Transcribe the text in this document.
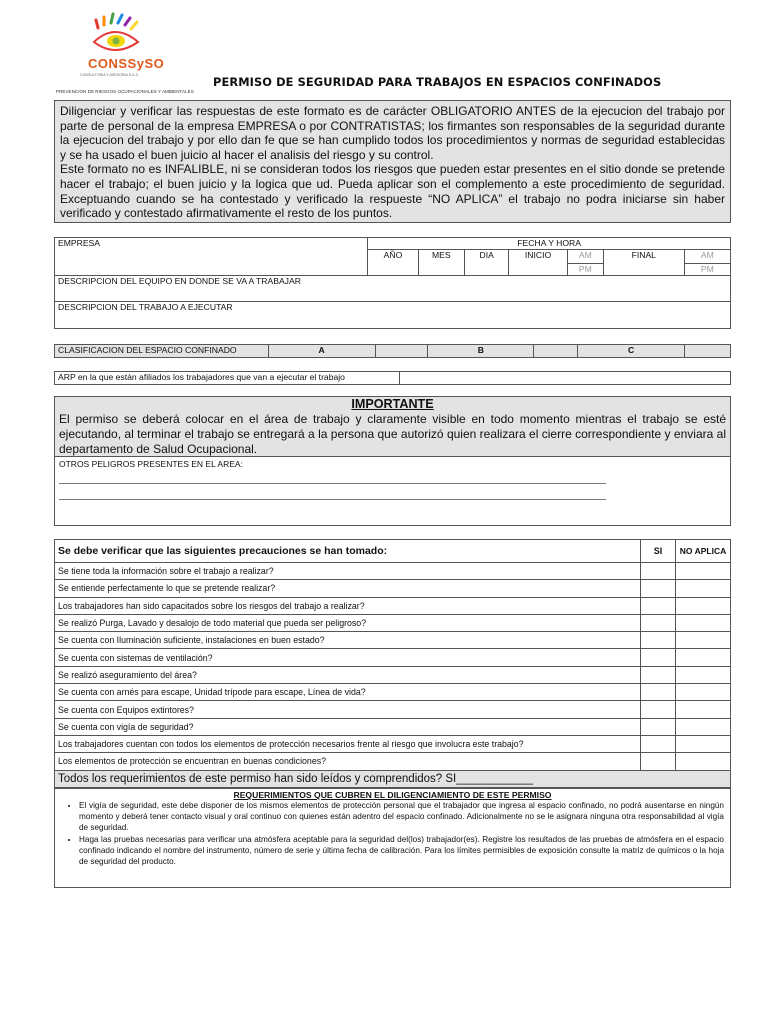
CONSSySO
CONSULTORIA Y ASESORIA S.A.S.
PREVENCION DE RIESGOS OCUPACIONALES Y AMBIENTALES
PERMISO DE SEGURIDAD PARA TRABAJOS EN ESPACIOS CONFINADOS

Diligenciar y verificar las respuestas de este formato es de carácter OBLIGATORIO ANTES de la ejecucion del trabajo por parte de personal de la empresa EMPRESA o por CONTRATISTAS; los firmantes son responsables de la seguridad durante la ejecucion del trabajo y por ello dan fe que se han cumplido todos los procedimientos y normas de seguridad establecidas y se ha usado el buen juicio al hacer el analisis del riesgo y su control.

Este formato no es INFALIBLE, ni se consideran todos los riesgos que pueden estar presentes en el sitio donde se pretende hacer el trabajo; el buen juicio y la logica que ud. Pueda aplicar son el complemento a este procedimiento de seguridad. Exceptuando cuando se ha contestado y verificado la respueste “NO APLICA” el trabajo no podra iniciarse sin haber verificado y contestado afirmativamente el resto de los puntos.

EMPRESA	FECHA Y HORA						
	AÑO	MES	DIA	INICIO	AM	FINAL	AM
					PM		PM
DESCRIPCION DEL EQUIPO EN DONDE SE VA A TRABAJAR							
DESCRIPCION DEL TRABAJO A EJECUTAR							
CLASIFICACION DEL ESPACIO CONFINADO	A		B		C	
ARP en la que están afiliados los trabajadores que van a ejecutar el trabajo	
IMPORTANTE
El permiso se deberá colocar en el área de trabajo y claramente visible en todo momento mientras el trabajo se esté ejecutando, al terminar el trabajo se entregará a la persona que autorizó quien realizara el cierre correspondiente y enviara al departamento de Salud Ocupacional.
OTROS PELIGROS PRESENTES EN EL AREA:
______________________________________________________________________________________________________________________________________________
______________________________________________________________________________________________________________________________________________
Se debe verificar que las siguientes precauciones se han tomado:	SI	NO APLICA
Se tiene toda la información sobre el trabajo a realizar?		
Se entiende perfectamente lo que se pretende realizar?		
Los trabajadores han sido capacitados sobre los riesgos del trabajo a realizar?		
Se realizó Purga, Lavado y desalojo de todo material que pueda ser peligroso?		
Se cuenta con Iluminación suficiente, instalaciones en buen estado?		
Se cuenta con sistemas de ventilación?		
Se realizó aseguramiento del área?		
Se cuenta con arnés para escape, Unidad trípode para escape, Línea de vida?		
Se cuenta con Equipos extintores?		
Se cuenta con vigía de seguridad?		
Los trabajadores cuentan con todos los elementos de protección necesarios frente al riesgo que involucra este trabajo?		
Los elementos de protección se encuentran en buenas condiciones?		
Todos los requerimientos de este permiso han sido leídos y comprendidos? SI____________		
REQUERIMIENTOS QUE CUBREN EL DILIGENCIAMIENTO DE ESTE PERMISO
• El vigía de seguridad, este debe disponer de los mismos elementos de protección personal que el trabajador que ingresa al espacio confinado, no podrá ausentarse en ningún momento y deberá tener contacto visual y oral continuo con quienes están adentro del espacio confinado. Adicionalmente no se le asignara ninguna otra responsabilidad al vigía de seguridad.
• Haga las pruebas necesarias para verificar una atmósfera aceptable para la seguridad del(los) trabajador(es). Registre los resultados de las pruebas de atmósfera en el espacio confinado indicando el nombre del instrumento, número de serie y última fecha de calibración. Para los límites permisibles de exposición consulte la matriz de químicos o la hoja de seguridad del producto.
